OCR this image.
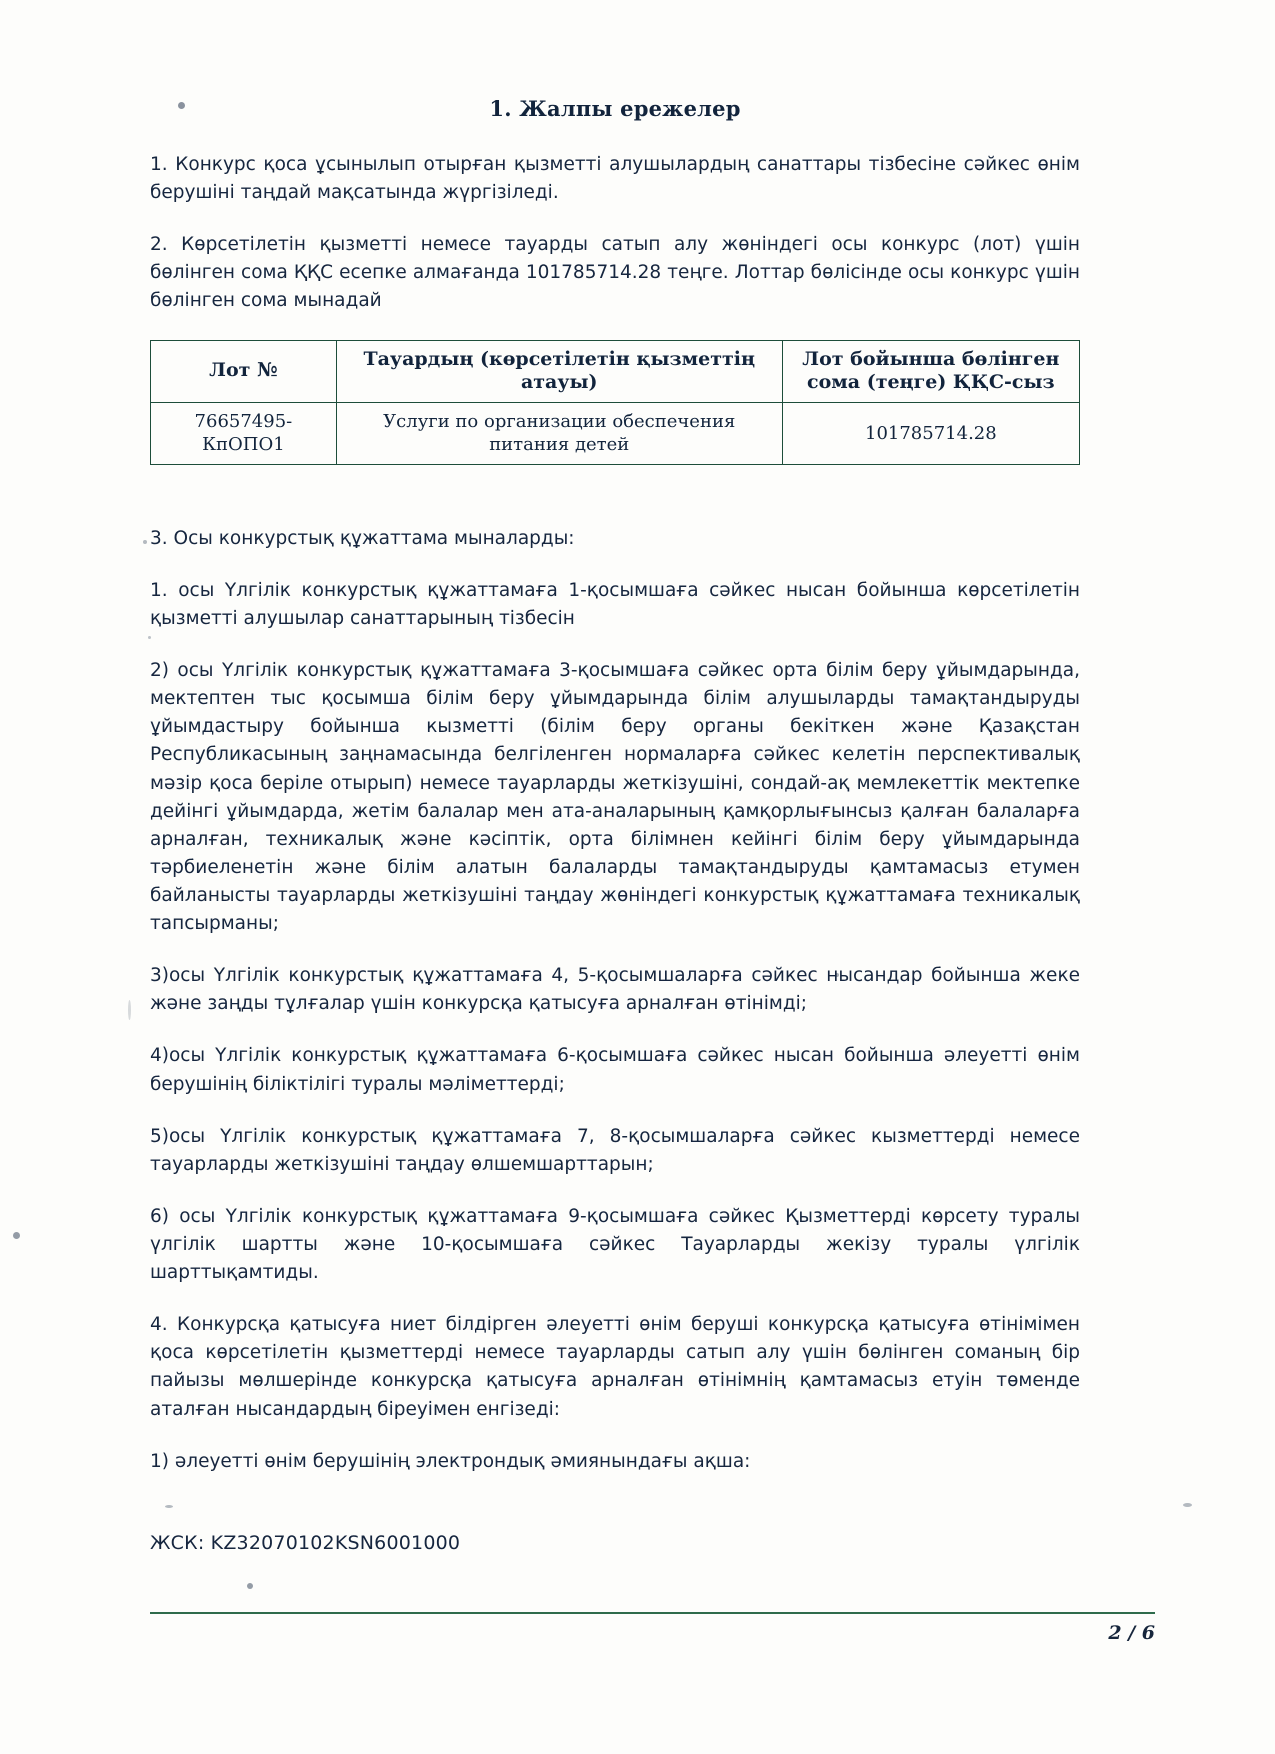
1. Жалпы ережелер

1. Конкурс қоса ұсынылып отырған қызметті алушылардың санаттары тізбесіне сәйкес өнім берушіні таңдай мақсатында жүргізіледі.

2. Көрсетілетін қызметті немесе тауарды сатып алу жөніндегі осы конкурс (лот) үшін бөлінген сома ҚҚС есепке алмағанда 101785714.28 теңге. Лоттар бөлісінде осы конкурс үшін бөлінген сома мынадай

Лот №	Тауардың (көрсетілетін қызметтің атауы)	Лот бойынша бөлінген сома (теңге) ҚҚС-сыз
76657495-КпОПО1	Услуги по организации обеспечения питания детей	101785714.28

3. Осы конкурстық құжаттама мыналарды:

1. осы Үлгілік конкурстық құжаттамаға 1-қосымшаға сәйкес нысан бойынша көрсетілетін қызметті алушылар санаттарының тізбесін

2) осы Үлгілік конкурстық құжаттамаға 3-қосымшаға сәйкес орта білім беру ұйымдарында, мектептен тыс қосымша білім беру ұйымдарында білім алушыларды тамақтандыруды ұйымдастыру бойынша кызметті (білім беру органы бекіткен және Қазақстан Республикасының заңнамасында белгіленген нормаларға сәйкес келетін перспективалық мәзір қоса беріле отырып) немесе тауарларды жеткізушіні, сондай-ақ мемлекеттік мектепке дейінгі ұйымдарда, жетім балалар мен ата-аналарының қамқорлығынсыз қалған балаларға арналған, техникалық және кәсіптік, орта білімнен кейінгі білім беру ұйымдарында тәрбиеленетін және білім алатын балаларды тамақтандыруды қамтамасыз етумен байланысты тауарларды жеткізушіні таңдау жөніндегі конкурстық құжаттамаға техникалық тапсырманы;

3)осы Үлгілік конкурстық құжаттамаға 4, 5-қосымшаларға сәйкес нысандар бойынша жеке және заңды тұлғалар үшін конкурсқа қатысуға арналған өтінімді;

4)осы Үлгілік конкурстық құжаттамаға 6-қосымшаға сәйкес нысан бойынша әлеуетті өнім берушінің біліктілігі туралы мәліметтерді;

5)осы Үлгілік конкурстық құжаттамаға 7, 8-қосымшаларға сәйкес кызметтерді немесе тауарларды жеткізушіні таңдау өлшемшарттарын;

6) осы Үлгілік конкурстық құжаттамаға 9-қосымшаға сәйкес Қызметтерді көрсету туралы үлгілік шартты және 10-қосымшаға сәйкес Тауарларды жекізу туралы үлгілік шарттықамтиды.

4. Конкурсқа қатысуға ниет білдірген әлеуетті өнім беруші конкурсқа қатысуға өтінімімен қоса көрсетілетін қызметтерді немесе тауарларды сатып алу үшін бөлінген соманың бір пайызы мөлшерінде конкурсқа қатысуға арналған өтінімнің қамтамасыз етуін төменде аталған нысандардың біреуімен енгізеді:

1) әлеуетті өнім берушінің электрондық әмиянындағы ақша:

ЖСК: KZ32070102KSN6001000

2 / 6
